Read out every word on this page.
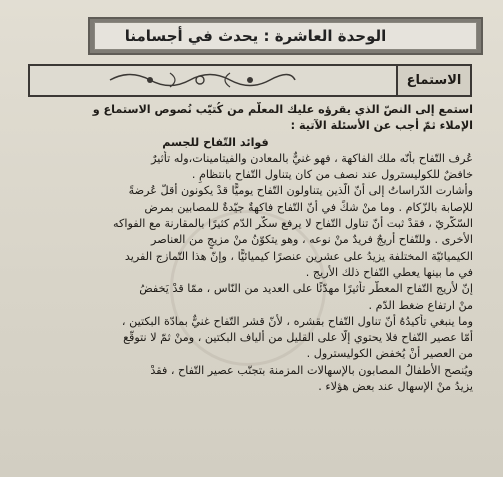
الوحدة العاشرة : يحدث في أجسامنا
الاستماع
استمع إلى النصّ الذي يقرؤه عليك المعلّم من كُتيّب نُصوص الاستماع و
الإملاء ثمّ أجب عن الأسئلة الآتية :
فوائد التّفاح للجسم
عُرف التّفاح بأنّه ملك الفاكهة ، فهو غنيٌّ بالمعادن والفيتامينات،وله تأثيرٌ
خافضٌ للكوليسترول عند نصف من كان يتناول التّفاح بانتظامٍ .
وأشارت الدّراساتُ إلى أنّ الّذين يتناولون التّفاح يوميًّا قدْ يكونون أقلّ عُرضةً
للإصابة بالزّكام . وما منْ شكٍّ في أنّ التّفاح فاكهةٌ جيّدةٌ للمصابين بمرض
السّكّريّ ، فقدْ ثبت أنّ تناول التّفاح لا يرفع سكّر الدّم كثيرًا بالمقارنة مع الفواكه
الأخرى . وللتّفاح أريجٌ فريدٌ منْ نوعه ، وهو يتكوّنُ منْ مزيجٍ من العناصر
الكيميائيّة المختلفة يزيدُ على عشرين عنصرًا كيميائيًّا ، وإنّ هذا التّمازج الفريد
في ما بينها يعطي التّفاح ذلك الأريج .
إنّ لأريج التّفاح المعطّر تأثيرًا مهدّئًا على العديد من النّاس ، ممّا قدْ يَخفضُ
منْ ارتفاع ضغط الدّم .
وما ينبغي تأكيدُهُ أنّ تناول التّفاح بقشره ، لأنّ قشر التّفاح غنيٌّ بمادّة البكتين ،
أمّا عصير التّفاح فلا يحتوي إلّا على القليل من ألياف البكتين ، ومنْ ثمّ لا نتوقّع
من العصير أنْ يُخفض الكوليسترول .
ويُنصح الأطفالُ المصابون بالإسهالات المزمنة بتجنّب عصير التّفاح ، فقدْ
يزيدُ منْ الإسهال عند بعض هؤلاء .
